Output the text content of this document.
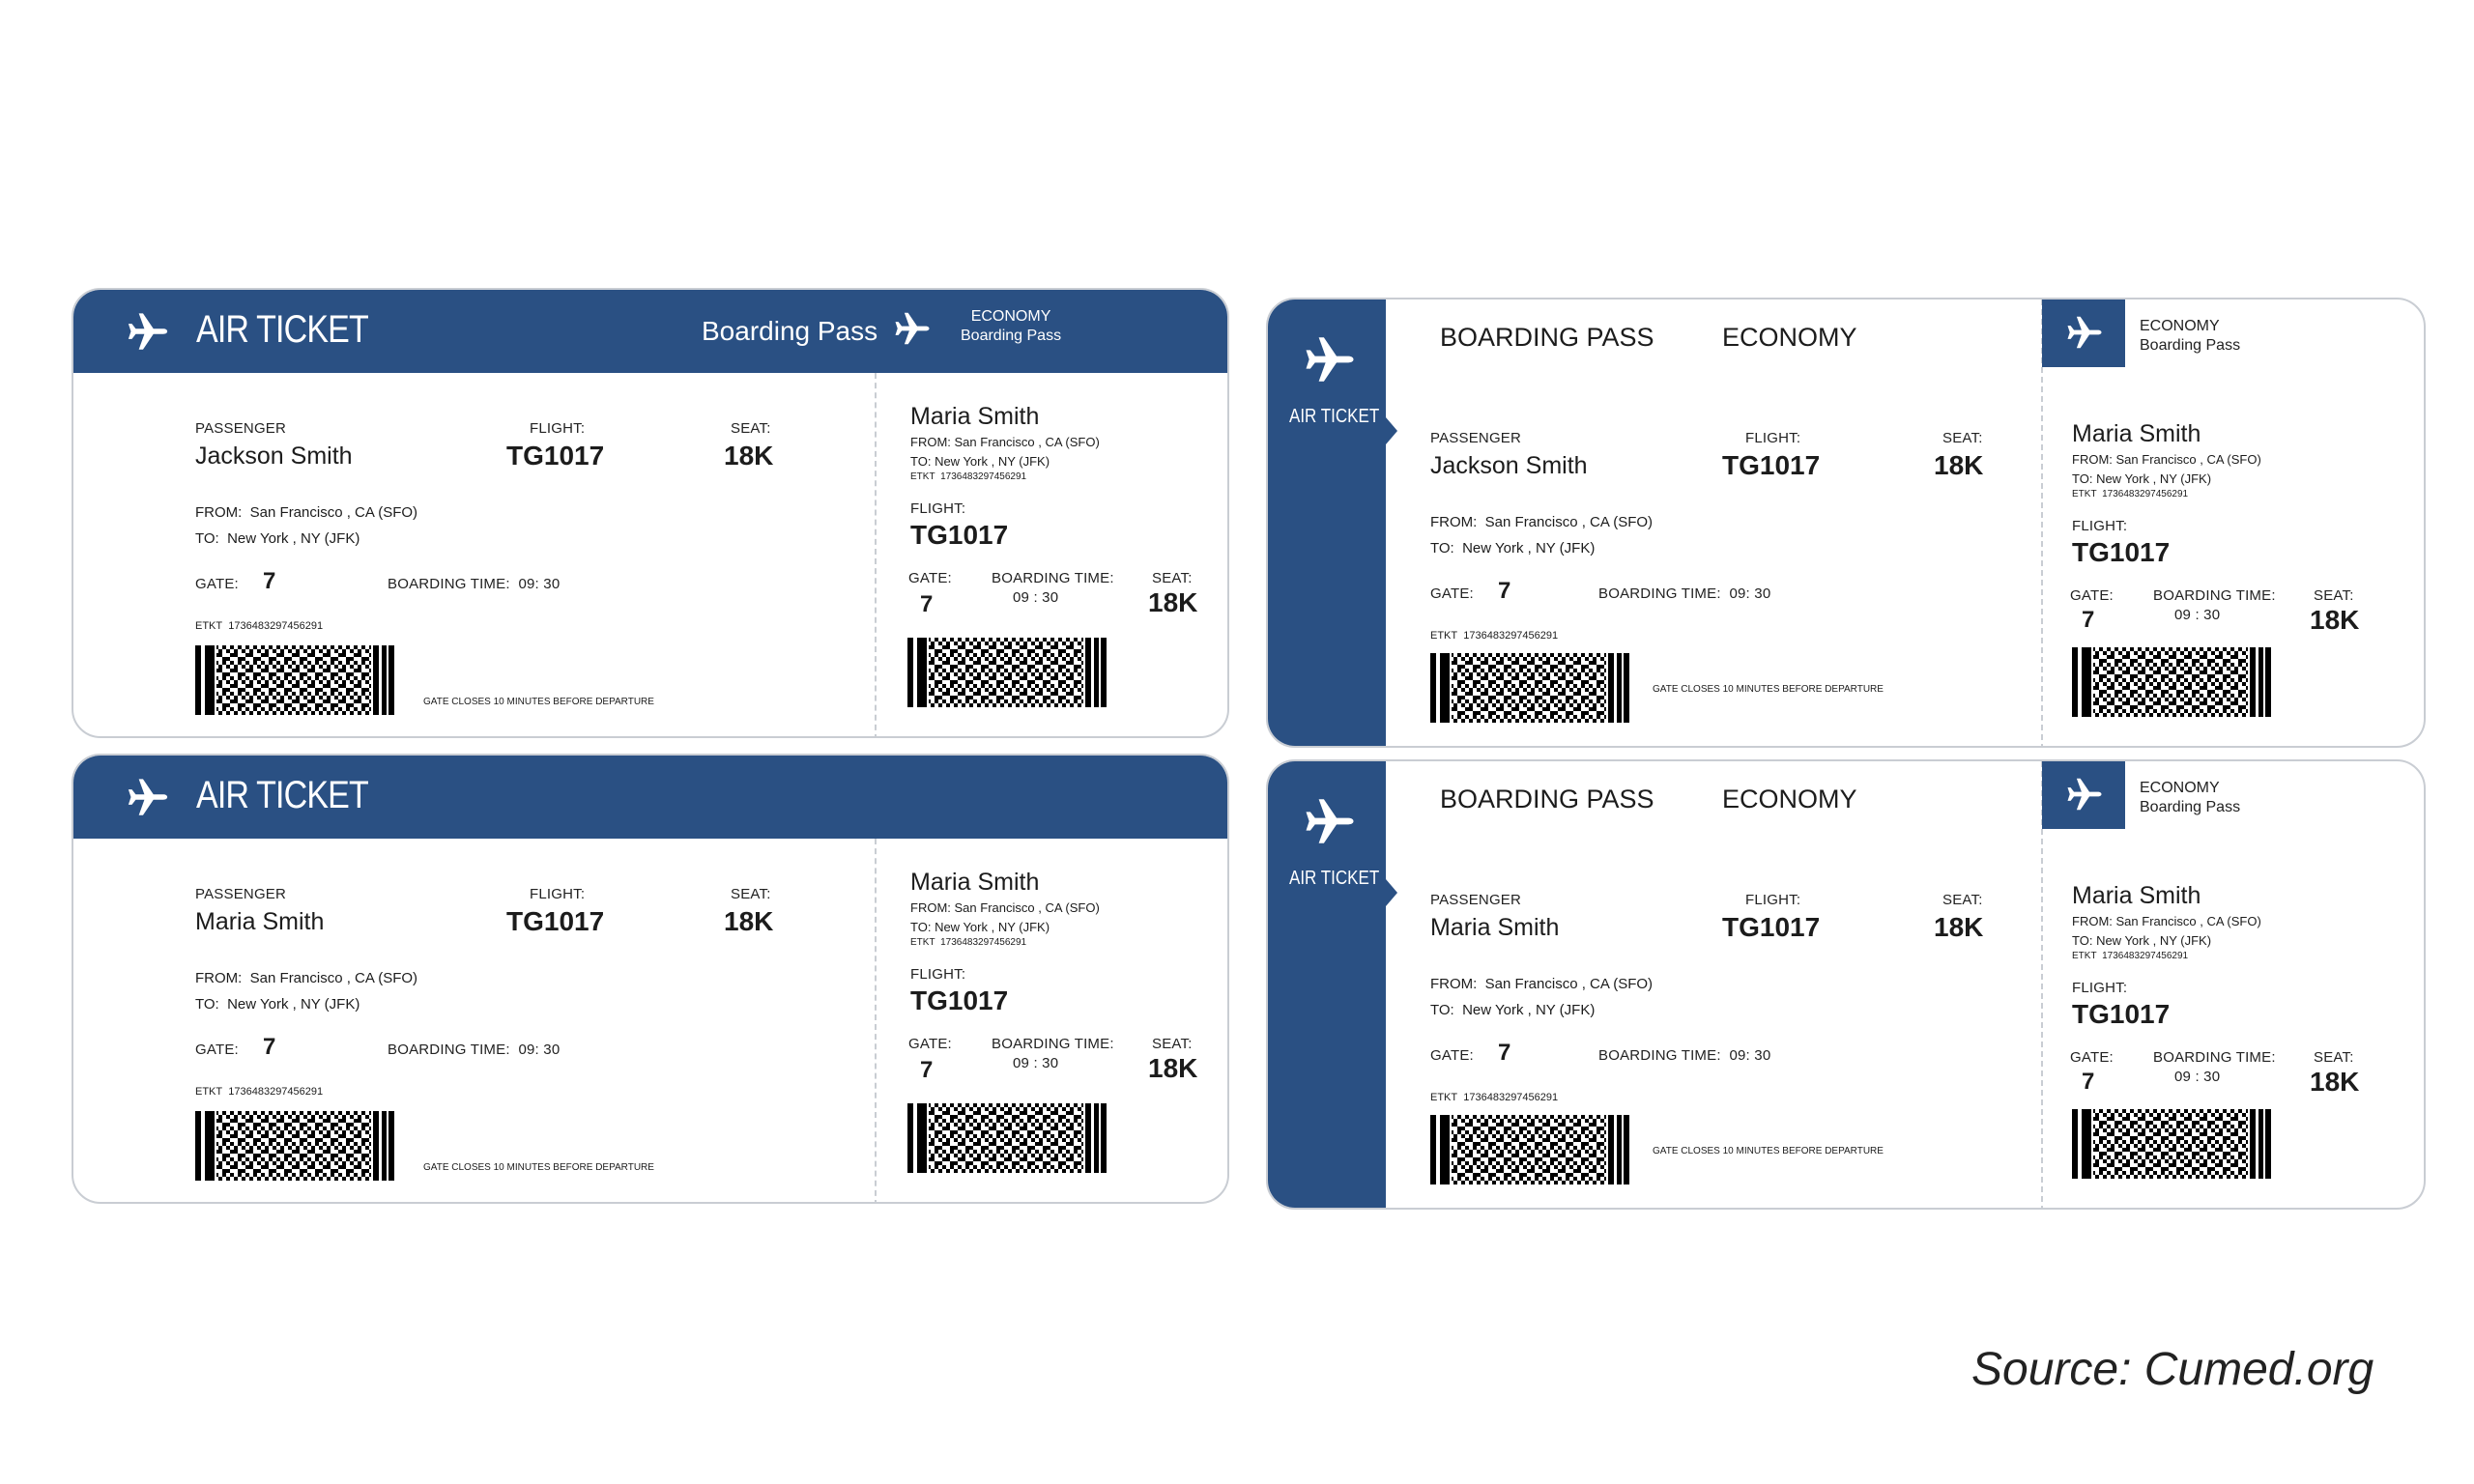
AIR TICKET	Boarding Pass	ECONOMY
Boarding Pass
PASSENGER
Jackson Smith
FLIGHT:
TG1017
SEAT:
18K
FROM: San Francisco , CA (SFO)
TO: New York , NY (JFK)
GATE: 7	BOARDING TIME: 09: 30
ETKT 1736483297456291
GATE CLOSES 10 MINUTES BEFORE DEPARTURE
Maria Smith
FROM: San Francisco , CA (SFO)
TO: New York , NY (JFK)
ETKT 1736483297456291
FLIGHT:
TG1017
GATE:
7
BOARDING TIME:
09 : 30
SEAT:
18K
AIR TICKET
PASSENGER
Maria Smith
FLIGHT:
TG1017
SEAT:
18K
FROM: San Francisco , CA (SFO)
TO: New York , NY (JFK)
GATE: 7	BOARDING TIME: 09: 30
ETKT 1736483297456291
GATE CLOSES 10 MINUTES BEFORE DEPARTURE
Maria Smith
FROM: San Francisco , CA (SFO)
TO: New York , NY (JFK)
ETKT 1736483297456291
FLIGHT:
TG1017
GATE:
7
BOARDING TIME:
09 : 30
SEAT:
18K
AIR TICKET
BOARDING PASS	ECONOMY
PASSENGER
Jackson Smith
FLIGHT:
TG1017
SEAT:
18K
FROM: San Francisco , CA (SFO)
TO: New York , NY (JFK)
GATE: 7	BOARDING TIME: 09: 30
ETKT 1736483297456291
GATE CLOSES 10 MINUTES BEFORE DEPARTURE
ECONOMY
Boarding Pass
Maria Smith
FROM: San Francisco , CA (SFO)
TO: New York , NY (JFK)
ETKT 1736483297456291
FLIGHT:
TG1017
GATE:
7
BOARDING TIME:
09 : 30
SEAT:
18K
AIR TICKET
BOARDING PASS	ECONOMY
PASSENGER
Maria Smith
FLIGHT:
TG1017
SEAT:
18K
FROM: San Francisco , CA (SFO)
TO: New York , NY (JFK)
GATE: 7	BOARDING TIME: 09: 30
ETKT 1736483297456291
GATE CLOSES 10 MINUTES BEFORE DEPARTURE
ECONOMY
Boarding Pass
Maria Smith
FROM: San Francisco , CA (SFO)
TO: New York , NY (JFK)
ETKT 1736483297456291
FLIGHT:
TG1017
GATE:
7
BOARDING TIME:
09 : 30
SEAT:
18K
Source: Cumed.org
